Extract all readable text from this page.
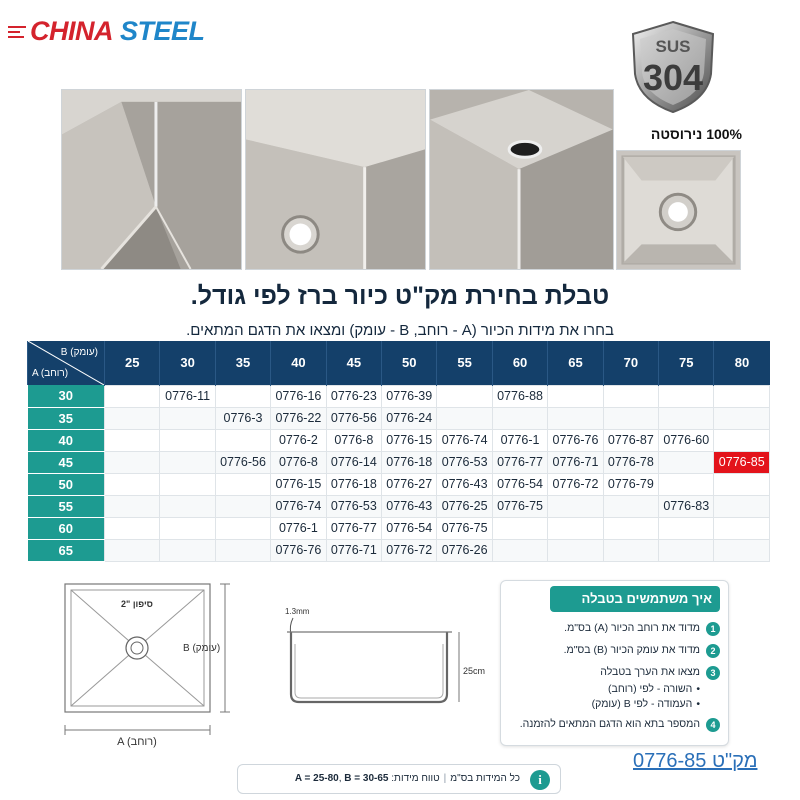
CHINA STEEL
SUS
304
100% נירוסטה
טבלת בחירת מק"ט כיור ברז לפי גודל.
בחרו את מידות הכיור (A - רוחב, B - עומק) ומצאו את הדגם המתאים.
B (עומק)
A (רוחב)	25	30	35	40	45	50	55	60	65	70	75	80
30		0776-11		0776-16	0776-23	0776-39		0776-88				
35			0776-3	0776-22	0776-56	0776-24						
40				0776-2	0776-8	0776-15	0776-74	0776-1	0776-76	0776-87	0776-60	
45			0776-56	0776-8	0776-14	0776-18	0776-53	0776-77	0776-71	0776-78		0776-85
50				0776-15	0776-18	0776-27	0776-43	0776-54	0776-72	0776-79		
55				0776-74	0776-53	0776-43	0776-25	0776-75			0776-83	
60				0776-1	0776-77	0776-54	0776-75					
65				0776-76	0776-71	0776-72	0776-26					
2" סיפון
B (עומק)
A (רוחב)
1.3mm
25cm
איך משתמשים בטבלה
1
מדוד את רוחב הכיור (A) בס"מ.
2
מדוד את עומק הכיור (B) בס"מ.
3
מצאו את הערך בטבלה
• השורה - לפי (רוחב)
• העמודה - לפי B (עומק)
4
המספר בתא הוא הדגם המתאים להזמנה.
i
כל המידות בס"מ|טווח מידות: A = 25-80, B = 30-65
מק"ט 0776-85
